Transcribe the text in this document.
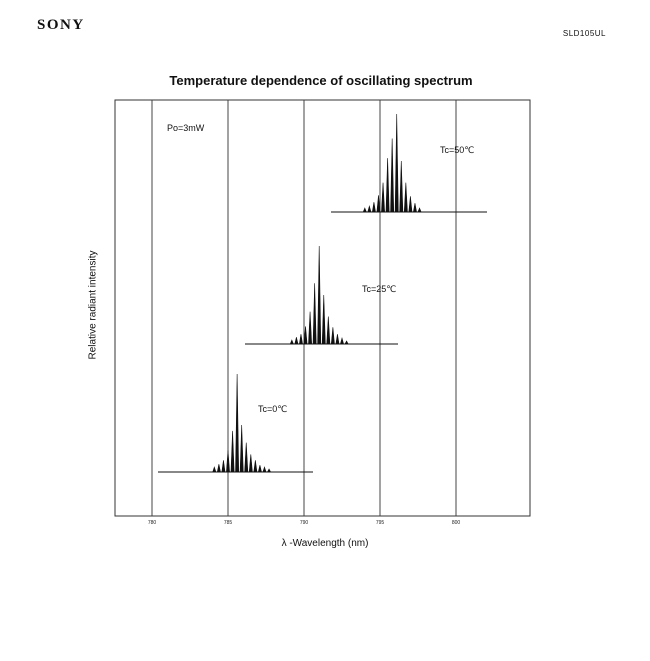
SONY
SLD105UL
Temperature dependence of oscillating spectrum
780	785	790	795	800
Tc=0℃
Tc=25℃
Tc=50℃
Po=3mW
λ -Wavelength (nm)
Relative radiant intensity
